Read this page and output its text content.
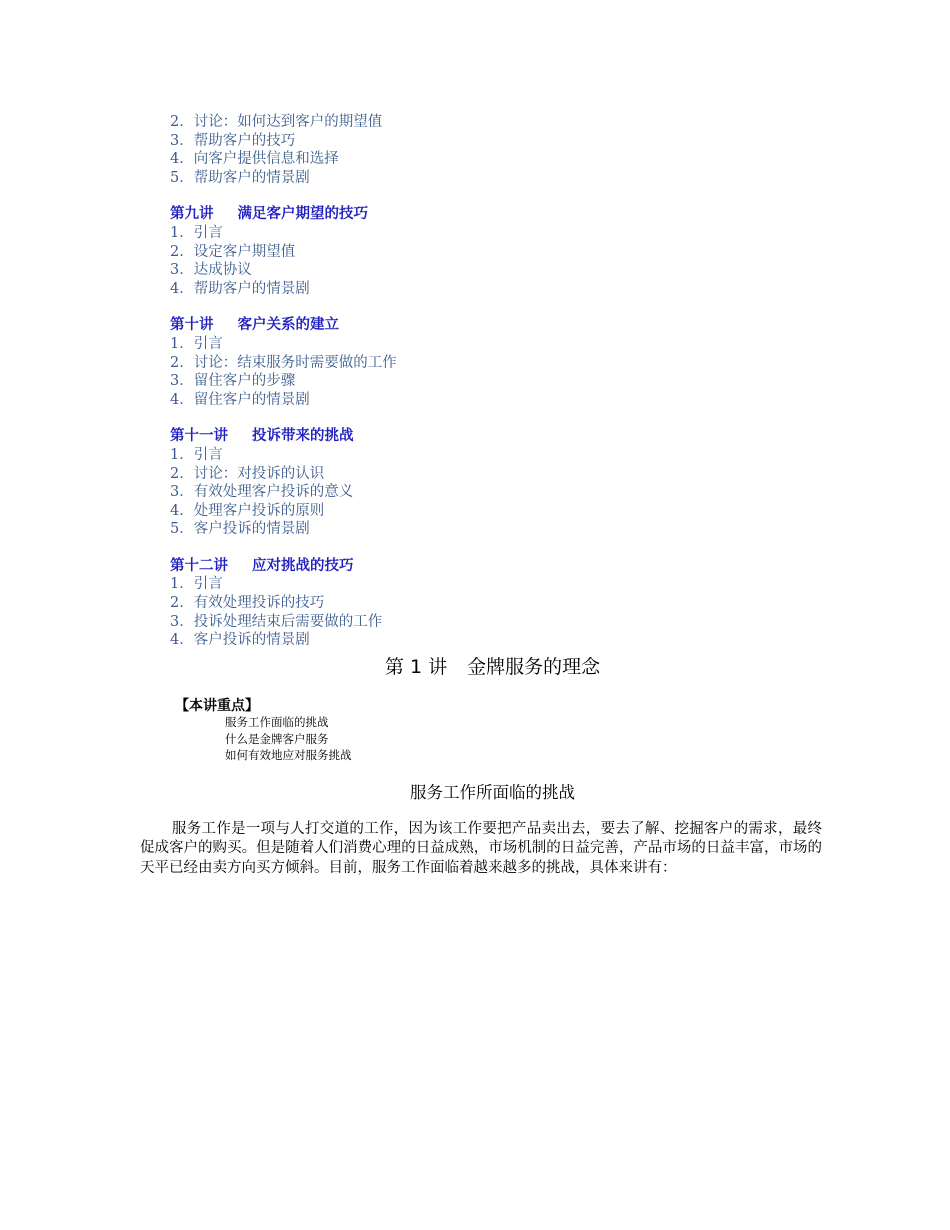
2．讨论：如何达到客户的期望值
3．帮助客户的技巧
4．向客户提供信息和选择
5．帮助客户的情景剧
第九讲 满足客户期望的技巧
1．引言
2．设定客户期望值
3．达成协议
4．帮助客户的情景剧
第十讲 客户关系的建立
1．引言
2．讨论：结束服务时需要做的工作
3．留住客户的步骤
4．留住客户的情景剧
第十一讲 投诉带来的挑战
1．引言
2．讨论：对投诉的认识
3．有效处理客户投诉的意义
4．处理客户投诉的原则
5．客户投诉的情景剧
第十二讲 应对挑战的技巧
1．引言
2．有效处理投诉的技巧
3．投诉处理结束后需要做的工作
4．客户投诉的情景剧
第 1 讲 金牌服务的理念
【本讲重点】
服务工作面临的挑战
什么是金牌客户服务
如何有效地应对服务挑战
服务工作所面临的挑战
服务工作是一项与人打交道的工作，因为该工作要把产品卖出去，要去了解、挖掘客户的需求，最终促成客户的购买。但是随着人们消费心理的日益成熟，市场机制的日益完善，产品市场的日益丰富，市场的天平已经由卖方向买方倾斜。目前，服务工作面临着越来越多的挑战，具体来讲有：
